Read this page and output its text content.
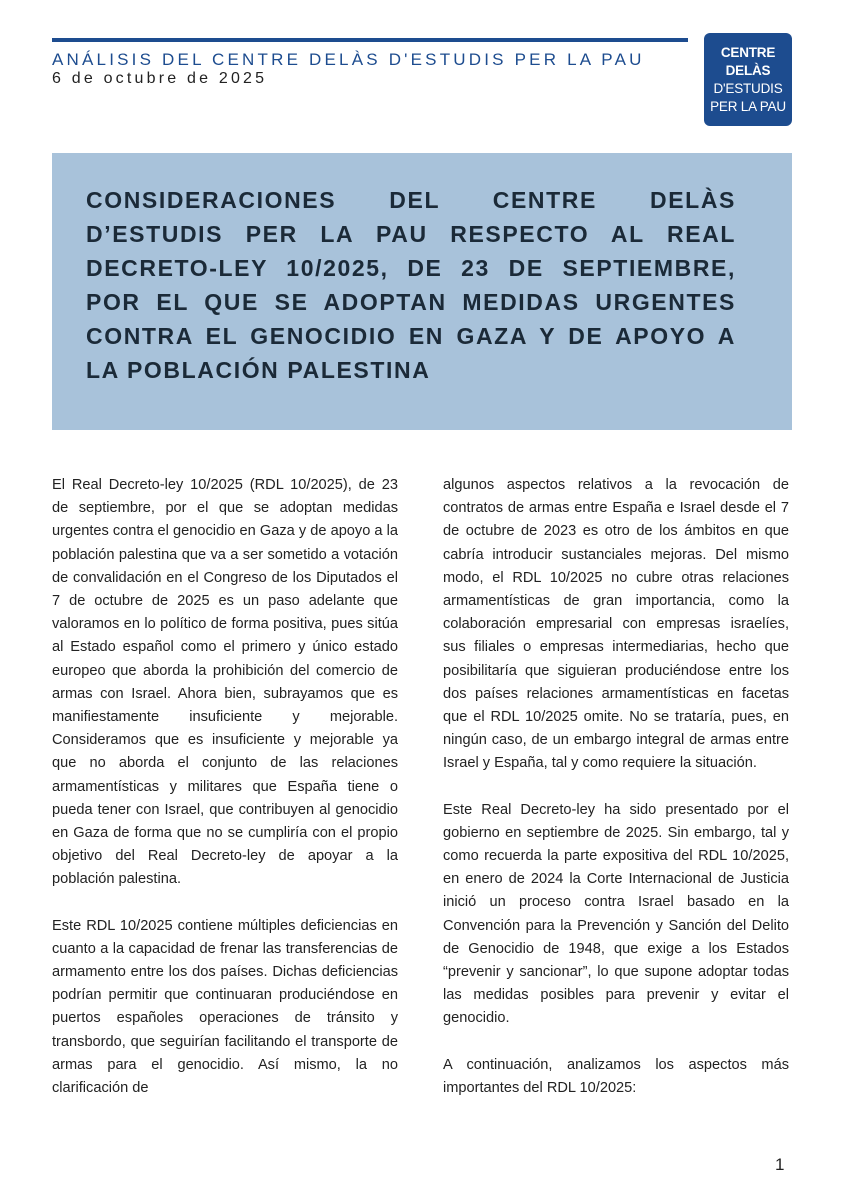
ANÁLISIS DEL CENTRE DELÀS D'ESTUDIS PER LA PAU
6 de octubre de 2025
CENTRE DELÀS
D'ESTUDIS
PER LA PAU
CONSIDERACIONES DEL CENTRE DELÀS D’ESTUDIS PER LA PAU RESPECTO AL REAL DECRETO-LEY 10/2025, DE 23 DE SEPTIEMBRE, POR EL QUE SE ADOPTAN MEDIDAS URGENTES CONTRA EL GENOCIDIO EN GAZA Y DE APOYO A LA POBLACIÓN PALESTINA

El Real Decreto-ley 10/2025 (RDL 10/2025), de 23 de septiembre, por el que se adoptan medidas urgentes contra el genocidio en Gaza y de apoyo a la población palestina que va a ser sometido a votación de convalidación en el Congreso de los Diputados el 7 de octubre de 2025 es un paso adelante que valoramos en lo político de forma positiva, pues sitúa al Estado español como el primero y único estado europeo que aborda la prohibición del comercio de armas con Israel. Ahora bien, subrayamos que es manifiestamente insuficiente y mejorable. Consideramos que es insuficiente y mejorable ya que no aborda el conjunto de las relaciones armamentísticas y militares que España tiene o pueda tener con Israel, que contribuyen al genocidio en Gaza de forma que no se cumpliría con el propio objetivo del Real Decreto-ley de apoyar a la población palestina.

Este RDL 10/2025 contiene múltiples deficiencias en cuanto a la capacidad de frenar las transferencias de armamento entre los dos países. Dichas deficiencias podrían permitir que continuaran produciéndose en puertos españoles operaciones de tránsito y transbordo, que seguirían facilitando el transporte de armas para el genocidio. Así mismo, la no clarificación de

algunos aspectos relativos a la revocación de contratos de armas entre España e Israel desde el 7 de octubre de 2023 es otro de los ámbitos en que cabría introducir sustanciales mejoras. Del mismo modo, el RDL 10/2025 no cubre otras relaciones armamentísticas de gran importancia, como la colaboración empresarial con empresas israelíes, sus filiales o empresas intermediarias, hecho que posibilitaría que siguieran produciéndose entre los dos países relaciones armamentísticas en facetas que el RDL 10/2025 omite. No se trataría, pues, en ningún caso, de un embargo integral de armas entre Israel y España, tal y como requiere la situación.

Este Real Decreto-ley ha sido presentado por el gobierno en septiembre de 2025. Sin embargo, tal y como recuerda la parte expositiva del RDL 10/2025, en enero de 2024 la Corte Internacional de Justicia inició un proceso contra Israel basado en la Convención para la Prevención y Sanción del Delito de Genocidio de 1948, que exige a los Estados “prevenir y sancionar”, lo que supone adoptar todas las medidas posibles para prevenir y evitar el genocidio.

A continuación, analizamos los aspectos más importantes del RDL 10/2025:

1
